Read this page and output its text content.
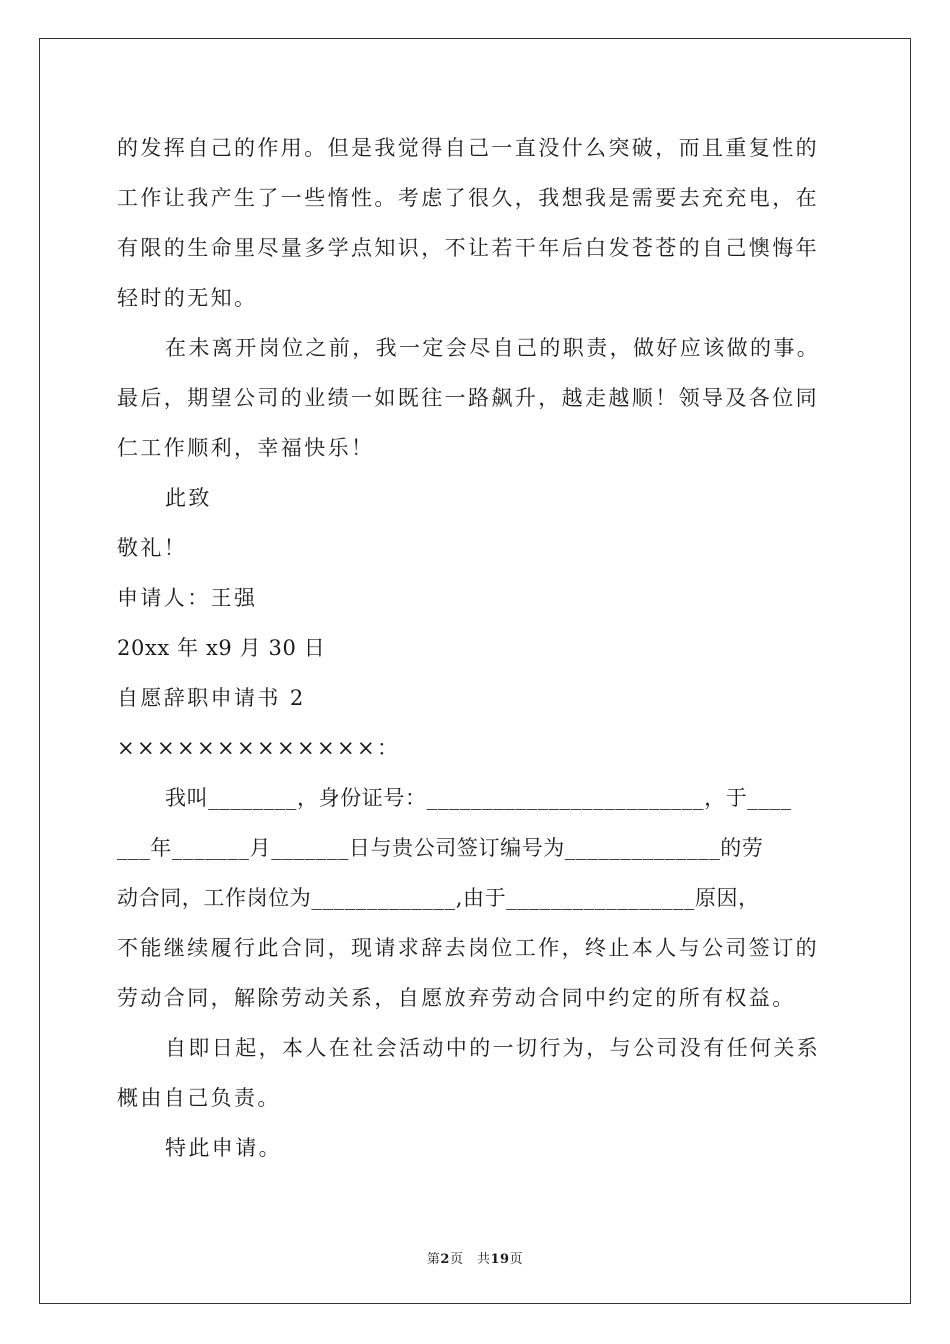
的发挥自己的作用。但是我觉得自己一直没什么突破，而且重复性的
工作让我产生了一些惰性。考虑了很久，我想我是需要去充充电，在
有限的生命里尽量多学点知识，不让若干年后白发苍苍的自己懊悔年
轻时的无知。
在未离开岗位之前，我一定会尽自己的职责，做好应该做的事。
最后，期望公司的业绩一如既往一路飙升，越走越顺！领导及各位同
仁工作顺利，幸福快乐！
此致
敬礼！
申请人：王强
20xx 年 x9 月 30 日
自愿辞职申请书 2
×××××××××××××：
我叫________，身份证号：_________________________，于____
___年_______月_______日与贵公司签订编号为______________的劳
动合同，工作岗位为_____________,由于_________________原因，
不能继续履行此合同，现请求辞去岗位工作，终止本人与公司签订的
劳动合同，解除劳动关系，自愿放弃劳动合同中约定的所有权益。
自即日起，本人在社会活动中的一切行为，与公司没有任何关系
概由自己负责。
特此申请。
第2页　共19页
